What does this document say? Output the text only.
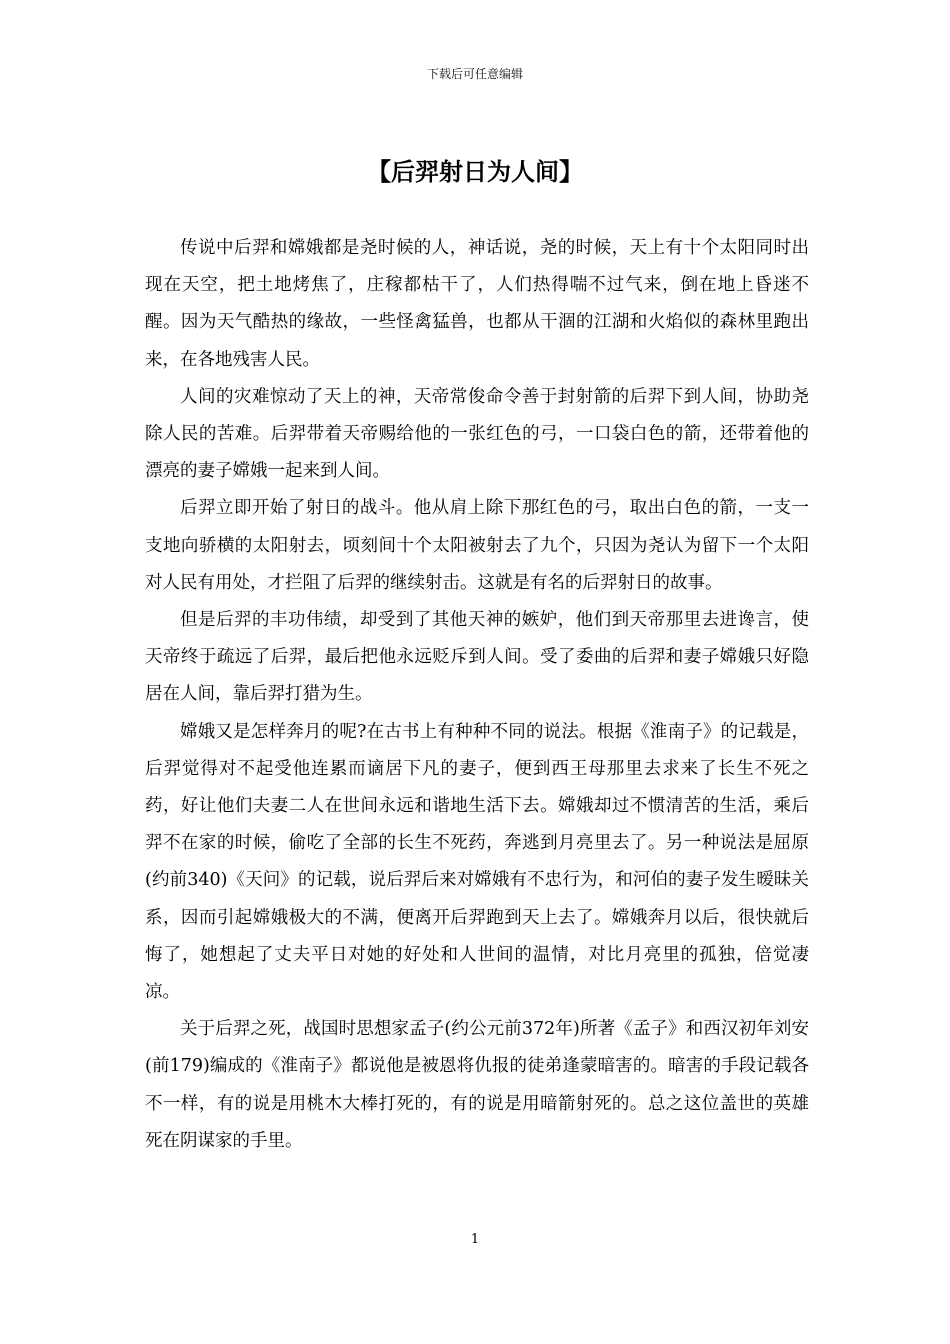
下载后可任意编辑
【后羿射日为人间】

传说中后羿和嫦娥都是尧时候的人，神话说，尧的时候，天上有十个太阳同时出现在天空，把土地烤焦了，庄稼都枯干了，人们热得喘不过气来，倒在地上昏迷不醒。因为天气酷热的缘故，一些怪禽猛兽，也都从干涸的江湖和火焰似的森林里跑出来，在各地残害人民。

人间的灾难惊动了天上的神，天帝常俊命令善于封射箭的后羿下到人间，协助尧除人民的苦难。后羿带着天帝赐给他的一张红色的弓，一口袋白色的箭，还带着他的漂亮的妻子嫦娥一起来到人间。

后羿立即开始了射日的战斗。他从肩上除下那红色的弓，取出白色的箭，一支一支地向骄横的太阳射去，顷刻间十个太阳被射去了九个，只因为尧认为留下一个太阳对人民有用处，才拦阻了后羿的继续射击。这就是有名的后羿射日的故事。

但是后羿的丰功伟绩，却受到了其他天神的嫉妒，他们到天帝那里去进谗言，使天帝终于疏远了后羿，最后把他永远贬斥到人间。受了委曲的后羿和妻子嫦娥只好隐居在人间，靠后羿打猎为生。

嫦娥又是怎样奔月的呢?在古书上有种种不同的说法。根据《淮南子》的记载是，后羿觉得对不起受他连累而谪居下凡的妻子，便到西王母那里去求来了长生不死之药，好让他们夫妻二人在世间永远和谐地生活下去。嫦娥却过不惯清苦的生活，乘后羿不在家的时候，偷吃了全部的长生不死药，奔逃到月亮里去了。另一种说法是屈原(约前340)《天问》的记载，说后羿后来对嫦娥有不忠行为，和河伯的妻子发生暧昧关系，因而引起嫦娥极大的不满，便离开后羿跑到天上去了。嫦娥奔月以后，很快就后悔了，她想起了丈夫平日对她的好处和人世间的温情，对比月亮里的孤独，倍觉凄凉。

关于后羿之死，战国时思想家孟子(约公元前372年)所著《孟子》和西汉初年刘安(前179)编成的《淮南子》都说他是被恩将仇报的徒弟逢蒙暗害的。暗害的手段记载各不一样，有的说是用桃木大棒打死的，有的说是用暗箭射死的。总之这位盖世的英雄死在阴谋家的手里。

1
